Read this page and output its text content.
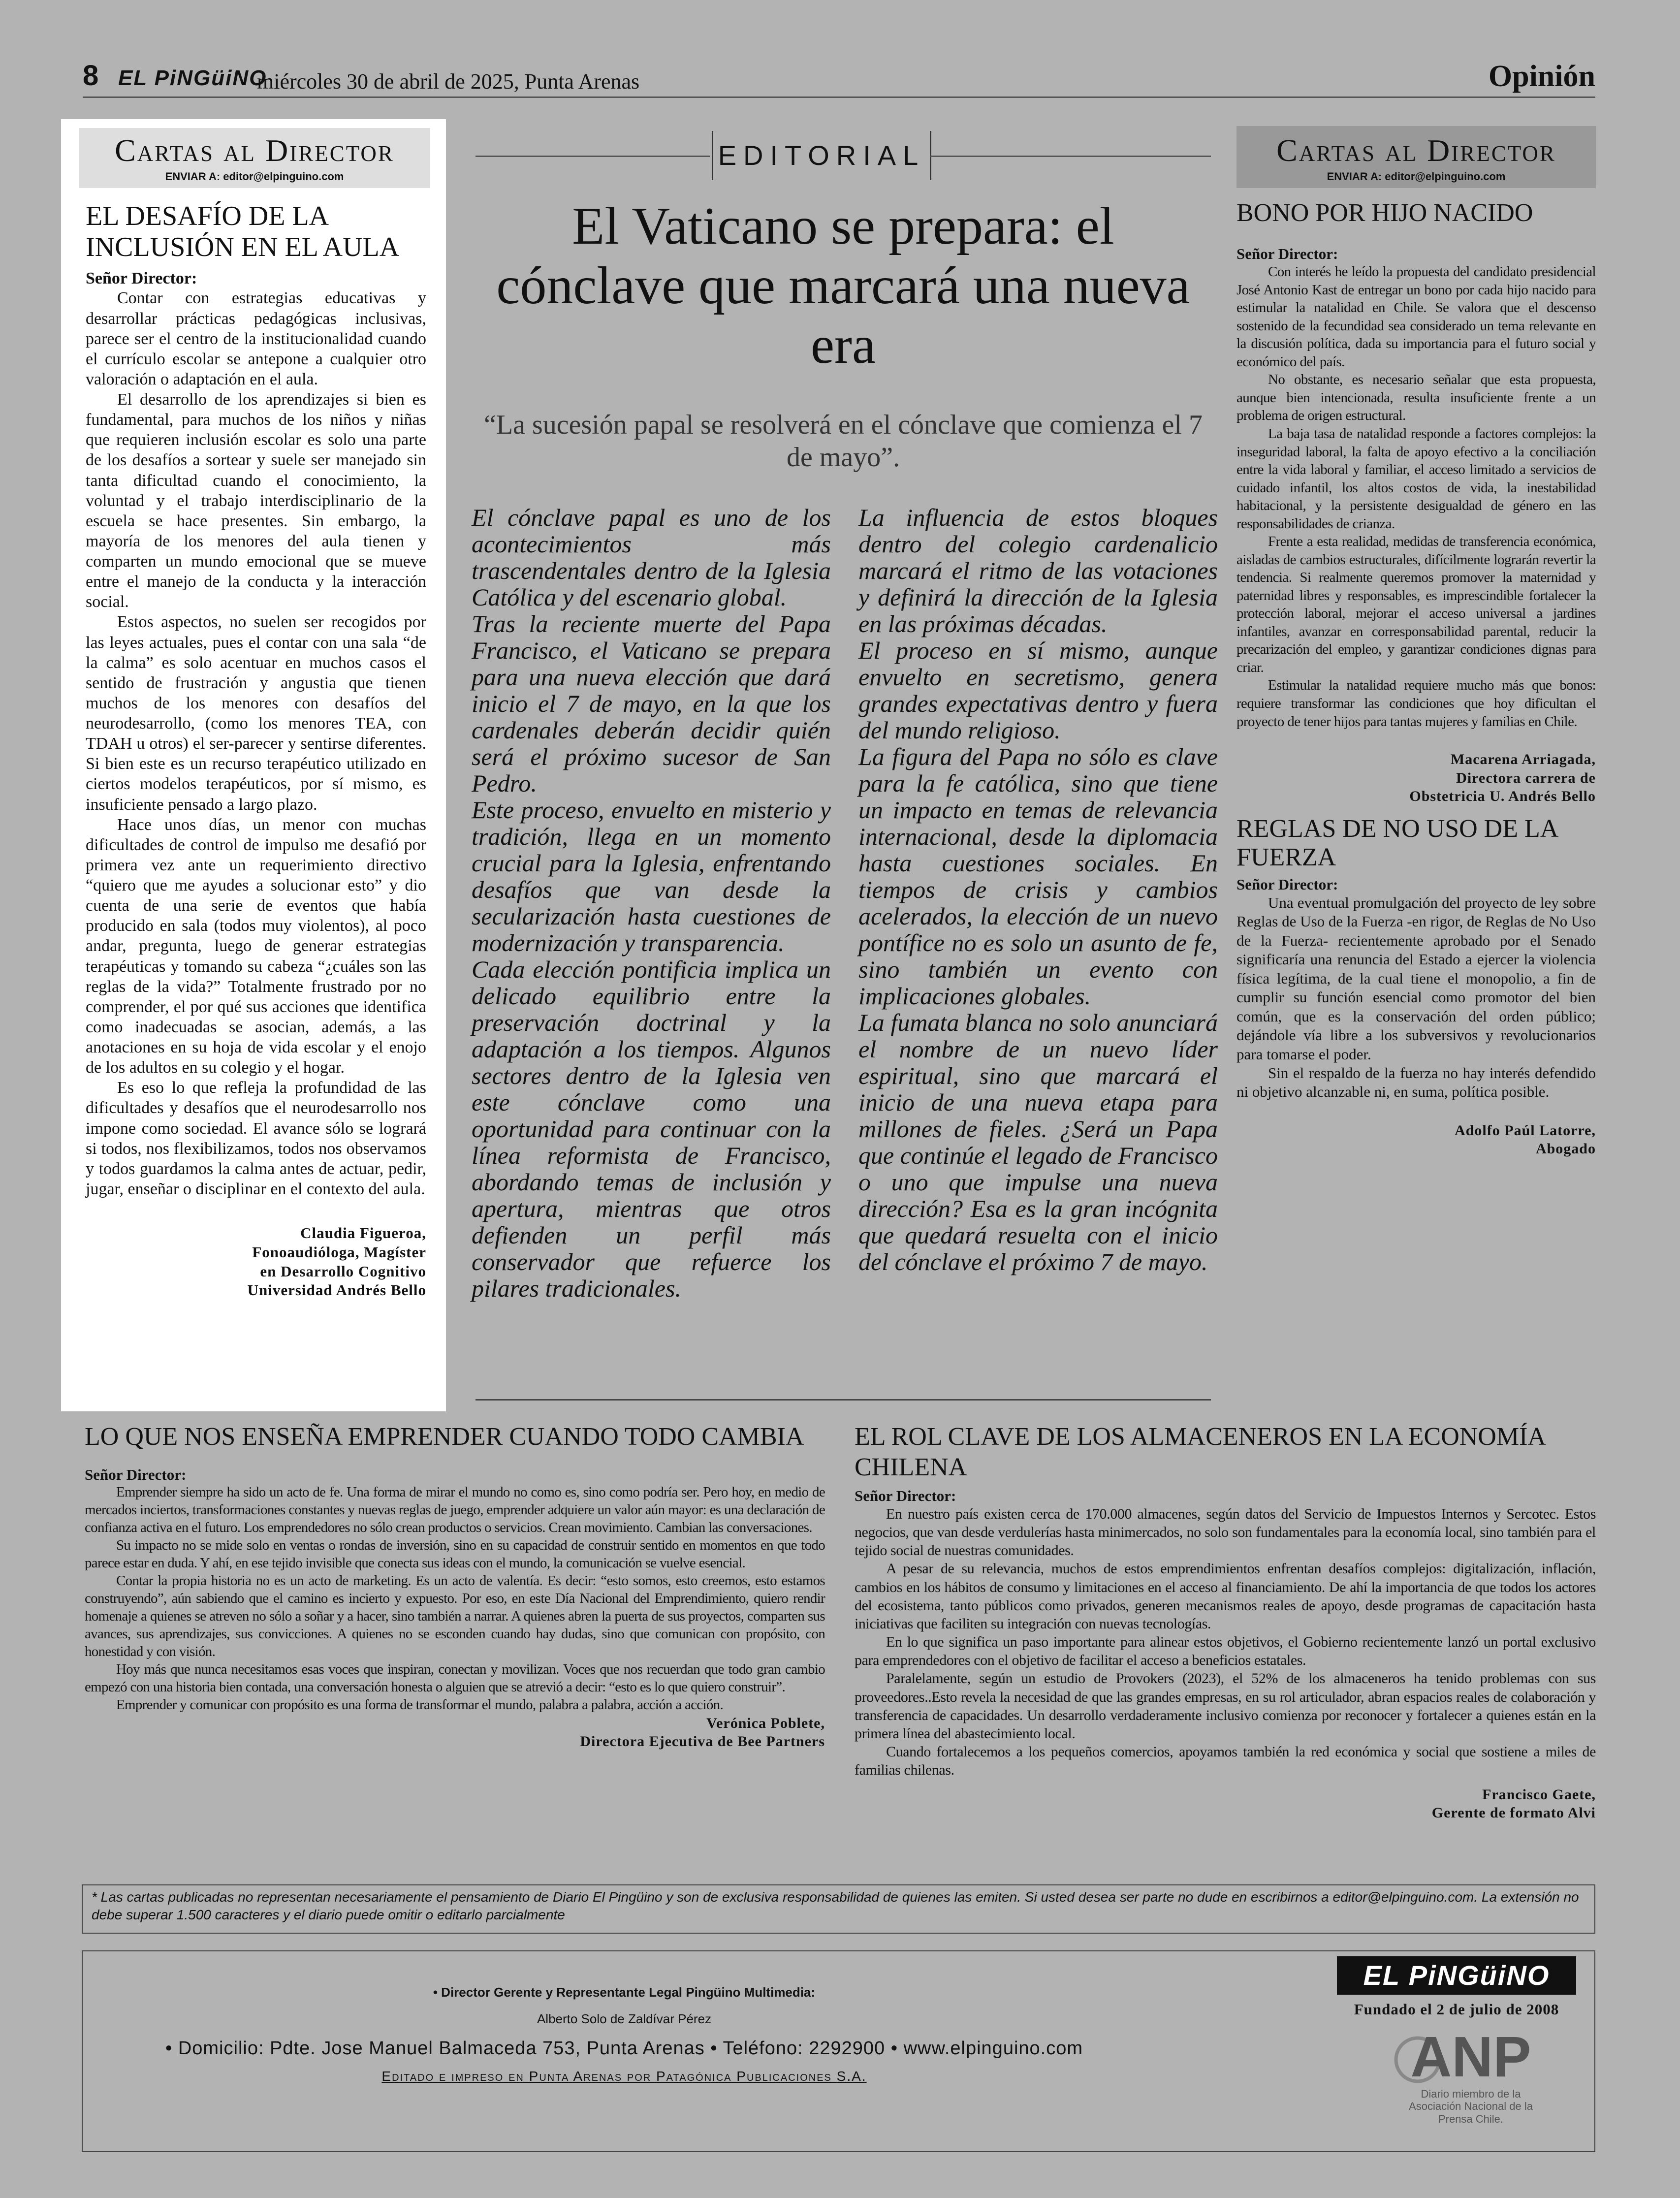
8 EL PiNGüiNO
miércoles 30 de abril de 2025, Punta Arenas	Opinión
Cartas al Director
ENVIAR A: editor@elpinguino.com
EL DESAFÍO DE LA INCLUSIÓN EN EL AULA
Señor Director:

Contar con estrategias educativas y desarrollar prácticas pedagógicas inclusivas, parece ser el centro de la institucionalidad cuando el currículo escolar se antepone a cualquier otro valoración o adaptación en el aula.

El desarrollo de los aprendizajes si bien es fundamental, para muchos de los niños y niñas que requieren inclusión escolar es solo una parte de los desafíos a sortear y suele ser manejado sin tanta dificultad cuando el conocimiento, la voluntad y el trabajo interdisciplinario de la escuela se hace presentes. Sin embargo, la mayoría de los menores del aula tienen y comparten un mundo emocional que se mueve entre el manejo de la conducta y la interacción social.

Estos aspectos, no suelen ser recogidos por las leyes actuales, pues el contar con una sala “de la calma” es solo acentuar en muchos casos el sentido de frustración y angustia que tienen muchos de los menores con desafíos del neurodesarrollo, (como los menores TEA, con TDAH u otros) el ser-parecer y sentirse diferentes. Si bien este es un recurso terapéutico utilizado en ciertos modelos terapéuticos, por sí mismo, es insuficiente pensado a largo plazo.

Hace unos días, un menor con muchas dificultades de control de impulso me desafió por primera vez ante un requerimiento directivo “quiero que me ayudes a solucionar esto” y dio cuenta de una serie de eventos que había producido en sala (todos muy violentos), al poco andar, pregunta, luego de generar estrategias terapéuticas y tomando su cabeza “¿cuáles son las reglas de la vida?” Totalmente frustrado por no comprender, el por qué sus acciones que identifica como inadecuadas se asocian, además, a las anotaciones en su hoja de vida escolar y el enojo de los adultos en su colegio y el hogar.

Es eso lo que refleja la profundidad de las dificultades y desafíos que el neurodesarrollo nos impone como sociedad. El avance sólo se logrará si todos, nos flexibilizamos, todos nos observamos y todos guardamos la calma antes de actuar, pedir, jugar, enseñar o disciplinar en el contexto del aula.

Claudia Figueroa,
Fonoaudióloga, Magíster
en Desarrollo Cognitivo
Universidad Andrés Bello
EDITORIAL
El Vaticano se prepara: el cónclave que marcará una nueva era
“La sucesión papal se resolverá en el cónclave que comienza el 7 de mayo”.

El cónclave papal es uno de los acontecimientos más trascendentales dentro de la Iglesia Católica y del escenario global.

Tras la reciente muerte del Papa Francisco, el Vaticano se prepara para una nueva elección que dará inicio el 7 de mayo, en la que los cardenales deberán decidir quién será el próximo sucesor de San Pedro.

Este proceso, envuelto en misterio y tradición, llega en un momento crucial para la Iglesia, enfrentando desafíos que van desde la secularización hasta cuestiones de modernización y transparencia.

Cada elección pontificia implica un delicado equilibrio entre la preservación doctrinal y la adaptación a los tiempos. Algunos sectores dentro de la Iglesia ven este cónclave como una oportunidad para continuar con la línea reformista de Francisco, abordando temas de inclusión y apertura, mientras que otros defienden un perfil más conservador que refuerce los pilares tradicionales.

La influencia de estos bloques dentro del colegio cardenalicio marcará el ritmo de las votaciones y definirá la dirección de la Iglesia en las próximas décadas.

El proceso en sí mismo, aunque envuelto en secretismo, genera grandes expectativas dentro y fuera del mundo religioso.

La figura del Papa no sólo es clave para la fe católica, sino que tiene un impacto en temas de relevancia internacional, desde la diplomacia hasta cuestiones sociales. En tiempos de crisis y cambios acelerados, la elección de un nuevo pontífice no es solo un asunto de fe, sino también un evento con implicaciones globales.

La fumata blanca no solo anunciará el nombre de un nuevo líder espiritual, sino que marcará el inicio de una nueva etapa para millones de fieles. ¿Será un Papa que continúe el legado de Francisco o uno que impulse una nueva dirección? Esa es la gran incógnita que quedará resuelta con el inicio del cónclave el próximo 7 de mayo.

Cartas al Director
ENVIAR A: editor@elpinguino.com
BONO POR HIJO NACIDO
Señor Director:

Con interés he leído la propuesta del candidato presidencial José Antonio Kast de entregar un bono por cada hijo nacido para estimular la natalidad en Chile. Se valora que el descenso sostenido de la fecundidad sea considerado un tema relevante en la discusión política, dada su importancia para el futuro social y económico del país.

No obstante, es necesario señalar que esta propuesta, aunque bien intencionada, resulta insuficiente frente a un problema de origen estructural.

La baja tasa de natalidad responde a factores complejos: la inseguridad laboral, la falta de apoyo efectivo a la conciliación entre la vida laboral y familiar, el acceso limitado a servicios de cuidado infantil, los altos costos de vida, la inestabilidad habitacional, y la persistente desigualdad de género en las responsabilidades de crianza.

Frente a esta realidad, medidas de transferencia económica, aisladas de cambios estructurales, difícilmente lograrán revertir la tendencia. Si realmente queremos promover la maternidad y paternidad libres y responsables, es imprescindible fortalecer la protección laboral, mejorar el acceso universal a jardines infantiles, avanzar en corresponsabilidad parental, reducir la precarización del empleo, y garantizar condiciones dignas para criar.

Estimular la natalidad requiere mucho más que bonos: requiere transformar las condiciones que hoy dificultan el proyecto de tener hijos para tantas mujeres y familias en Chile.

Macarena Arriagada,
Directora carrera de
Obstetricia U. Andrés Bello
REGLAS DE NO USO DE LA FUERZA
Señor Director:

Una eventual promulgación del proyecto de ley sobre Reglas de Uso de la Fuerza -en rigor, de Reglas de No Uso de la Fuerza- recientemente aprobado por el Senado significaría una renuncia del Estado a ejercer la violencia física legítima, de la cual tiene el monopolio, a fin de cumplir su función esencial como promotor del bien común, que es la conservación del orden público; dejándole vía libre a los subversivos y revolucionarios para tomarse el poder.

Sin el respaldo de la fuerza no hay interés defendido ni objetivo alcanzable ni, en suma, política posible.

Adolfo Paúl Latorre,
Abogado
LO QUE NOS ENSEÑA EMPRENDER CUANDO TODO CAMBIA
Señor Director:

Emprender siempre ha sido un acto de fe. Una forma de mirar el mundo no como es, sino como podría ser. Pero hoy, en medio de mercados inciertos, transformaciones constantes y nuevas reglas de juego, emprender adquiere un valor aún mayor: es una declaración de confianza activa en el futuro. Los emprendedores no sólo crean productos o servicios. Crean movimiento. Cambian las conversaciones.

Su impacto no se mide solo en ventas o rondas de inversión, sino en su capacidad de construir sentido en momentos en que todo parece estar en duda. Y ahí, en ese tejido invisible que conecta sus ideas con el mundo, la comunicación se vuelve esencial.

Contar la propia historia no es un acto de marketing. Es un acto de valentía. Es decir: “esto somos, esto creemos, esto estamos construyendo”, aún sabiendo que el camino es incierto y expuesto. Por eso, en este Día Nacional del Emprendimiento, quiero rendir homenaje a quienes se atreven no sólo a soñar y a hacer, sino también a narrar. A quienes abren la puerta de sus proyectos, comparten sus avances, sus aprendizajes, sus convicciones. A quienes no se esconden cuando hay dudas, sino que comunican con propósito, con honestidad y con visión.

Hoy más que nunca necesitamos esas voces que inspiran, conectan y movilizan. Voces que nos recuerdan que todo gran cambio empezó con una historia bien contada, una conversación honesta o alguien que se atrevió a decir: “esto es lo que quiero construir”.

Emprender y comunicar con propósito es una forma de transformar el mundo, palabra a palabra, acción a acción.

Verónica Poblete,
Directora Ejecutiva de Bee Partners
EL ROL CLAVE DE LOS ALMACENEROS EN LA ECONOMÍA CHILENA
Señor Director:

En nuestro país existen cerca de 170.000 almacenes, según datos del Servicio de Impuestos Internos y Sercotec. Estos negocios, que van desde verdulerías hasta minimercados, no solo son fundamentales para la economía local, sino también para el tejido social de nuestras comunidades.

A pesar de su relevancia, muchos de estos emprendimientos enfrentan desafíos complejos: digitalización, inflación, cambios en los hábitos de consumo y limitaciones en el acceso al financiamiento. De ahí la importancia de que todos los actores del ecosistema, tanto públicos como privados, generen mecanismos reales de apoyo, desde programas de capacitación hasta iniciativas que faciliten su integración con nuevas tecnologías.

En lo que significa un paso importante para alinear estos objetivos, el Gobierno recientemente lanzó un portal exclusivo para emprendedores con el objetivo de facilitar el acceso a beneficios estatales.

Paralelamente, según un estudio de Provokers (2023), el 52% de los almaceneros ha tenido problemas con sus proveedores..Esto revela la necesidad de que las grandes empresas, en su rol articulador, abran espacios reales de colaboración y transferencia de capacidades. Un desarrollo verdaderamente inclusivo comienza por reconocer y fortalecer a quienes están en la primera línea del abastecimiento local.

Cuando fortalecemos a los pequeños comercios, apoyamos también la red económica y social que sostiene a miles de familias chilenas.

Francisco Gaete,
Gerente de formato Alvi
* Las cartas publicadas no representan necesariamente el pensamiento de Diario El Pingüino y son de exclusiva responsabilidad de quienes las emiten. Si usted desea ser parte no dude en escribirnos a editor@elpinguino.com. La extensión no debe superar 1.500 caracteres y el diario puede omitir o editarlo parcialmente
• Director Gerente y Representante Legal Pingüino Multimedia:
Alberto Solo de Zaldívar Pérez
• Domicilio: Pdte. Jose Manuel Balmaceda 753, Punta Arenas • Teléfono: 2292900 • www.elpinguino.com
Editado e impreso en Punta Arenas por Patagónica Publicaciones S.A.
EL PiNGüiNO
Fundado el 2 de julio de 2008
ANP
Diario miembro de la Asociación Nacional de la Prensa Chile.
